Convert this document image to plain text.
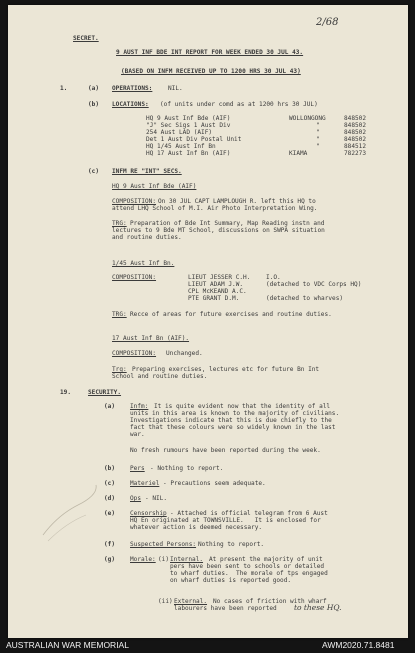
2/68
SECRET.
9 AUST INF BDE INT REPORT FOR WEEK ENDED 30 JUL 43.
(BASED ON INFM RECEIVED UP TO 1200 HRS 30 JUL 43)
1.	(a) OPERATIONS:	NIL.
(b) LOCATIONS: (of units under comd as at 1200 hrs 30 JUL)
HQ 9 Aust Inf Bde (AIF)	WOLLONGONG	848502
"J" Sec Sigs 1 Aust Div	"	848502
254 Aust LAD (AIF)	"	848502
Det 1 Aust Div Postal Unit	"	848502
HQ 1/45 Aust Inf Bn	"	884512
HQ 17 Aust Inf Bn (AIF)	KIAMA	782273
(c) INFM RE "INT" SECS.
HQ 9 Aust Inf Bde (AIF)
COMPOSITION: On 30 JUL CAPT LAMPLOUGH R. left this HQ to
attend LHQ School of M.I. Air Photo Interpretation Wing.
TRG: Preparation of Bde Int Summary, Map Reading instn and
lectures to 9 Bde MT School, discussions on SWPA situation
and routine duties.
1/45 Aust Inf Bn.
COMPOSITION:	LIEUT JESSER C.H.	I.O.
LIEUT ADAM J.W.	(detached to VDC Corps HQ)
CPL McKEAND A.C.
PTE GRANT D.M.	(detached to wharves)
TRG: Recce of areas for future exercises and routine duties.
17 Aust Inf Bn (AIF).
COMPOSITION: Unchanged.
Trg: Preparing exercises, lectures etc for future Bn Int
School and routine duties.
19.	SECURITY.
(a) Infm: It is quite evident now that the identity of all
units in this area is known to the majority of civilians.
Investigations indicate that this is due chiefly to the
fact that these colours were so widely known in the last
war.
No fresh rumours have been reported during the week.
(b) Pers - Nothing to report.
(c) Materiel - Precautions seem adequate.
(d) Ops - NIL.
(e) Censorship - Attached is official telegram from 6 Aust
HQ En originated at TOWNSVILLE.   It is enclosed for
whatever action is deemed necessary.
(f) Suspected Persons: Nothing to report.
(g) Morale: (i) Internal. At present the majority of unit
pers have been sent to schools or detailed
to wharf duties.  The morale of tps engaged
on wharf duties is reported good.
(ii) External. No cases of friction with wharf
labourers have been reported to these HQ.
AUSTRALIAN WAR MEMORIAL	AWM2020.71.8481
